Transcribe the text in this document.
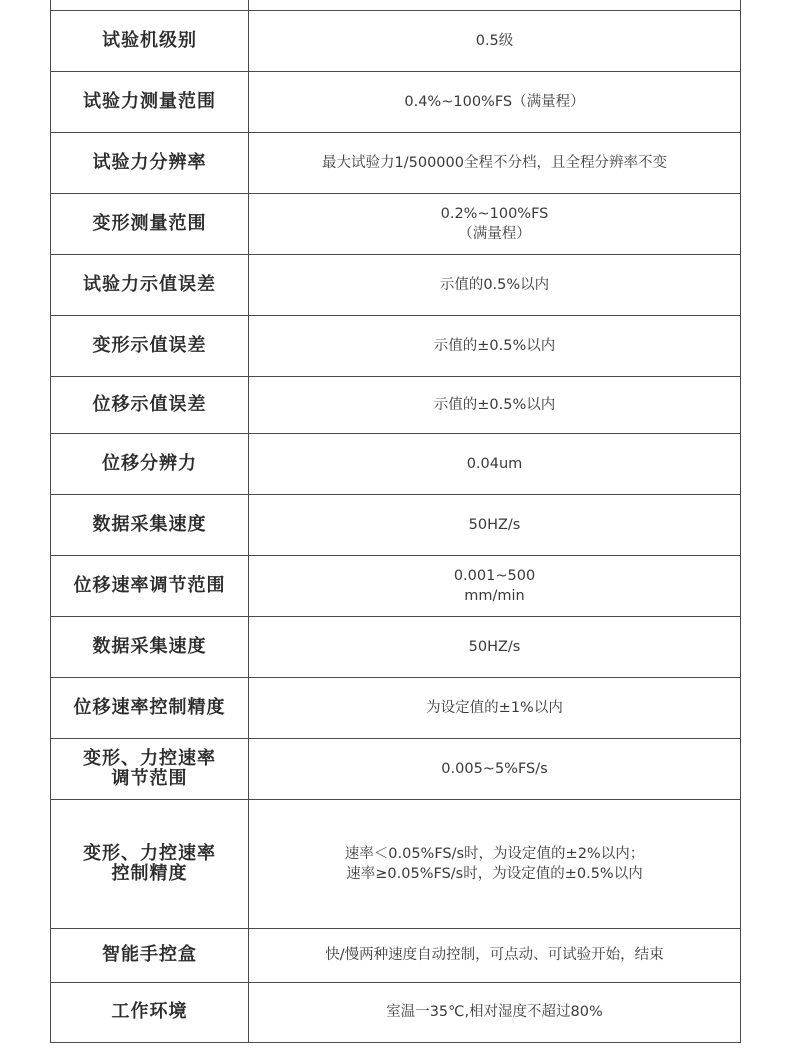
试验机级别	0.5级

试验力测量范围	0.4%~100%FS（满量程）

试验力分辨率	最大试验力1/500000全程不分档，且全程分辨率不变

变形测量范围	0.2%~100%FS
（满量程）

试验力示值误差	示值的0.5%以内

变形示值误差	示值的±0.5%以内

位移示值误差	示值的±0.5%以内

位移分辨力	0.04um

数据采集速度	50HZ/s

位移速率调节范围	0.001~500
mm/min

数据采集速度	50HZ/s

位移速率控制精度	为设定值的±1%以内

变形、力控速率
调节范围	0.005~5%FS/s

变形、力控速率
控制精度	速率＜0.05%FS/s时，为设定值的±2%以内；
速率≥0.05%FS/s时，为设定值的±0.5%以内

智能手控盒	快/慢两种速度自动控制，可点动、可试验开始，结束

工作环境	室温一35℃,相对湿度不超过80%
